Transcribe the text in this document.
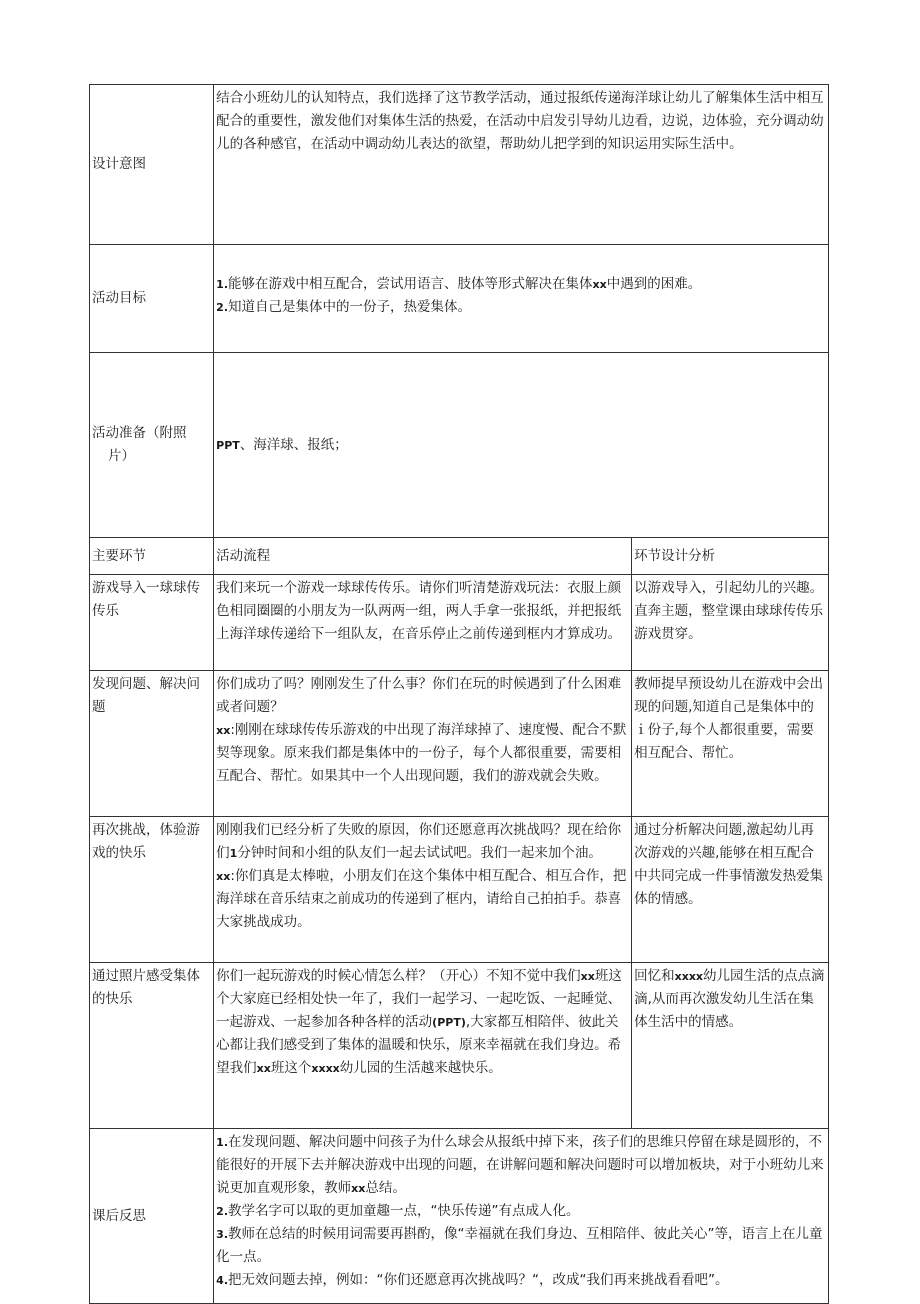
设计意图	结合小班幼儿的认知特点，我们选择了这节教学活动，通过报纸传递海洋球让幼儿了解集体生活中相互配合的重要性，激发他们对集体生活的热爱，在活动中启发引导幼儿边看，边说，边体验，充分调动幼儿的各种感官，在活动中调动幼儿表达的欲望，帮助幼儿把学到的知识运用实际生活中。	
活动目标	1.能够在游戏中相互配合，尝试用语言、肢体等形式解决在集体xx中遇到的困难。
2.知道自己是集体中的一份子，热爱集体。	

活动准备（附照
片）	PPT、海洋球、报纸；	
主要环节	活动流程	环节设计分析
游戏导入一球球传传乐	我们来玩一个游戏一球球传传乐。请你们听清楚游戏玩法：衣服上颜色相同圈圈的小朋友为一队两两一组，两人手拿一张报纸，并把报纸上海洋球传递给下一组队友，在音乐停止之前传递到框内才算成功。	以游戏导入，引起幼儿的兴趣。直奔主题，整堂课由球球传传乐游戏贯穿。
发现问题、解决问题	你们成功了吗？刚刚发生了什么事？你们在玩的时候遇到了什么困难或者问题？
xx:刚刚在球球传传乐游戏的中出现了海洋球掉了、速度慢、配合不默契等现象。原来我们都是集体中的一份子，每个人都很重要，需要相互配合、帮忙。如果其中一个人出现问题，我们的游戏就会失败。	教师提早预设幼儿在游戏中会出现的问题,知道自己是集体中的ｉ份子,每个人都很重要，需要相互配合、帮忙。
再次挑战，体验游戏的快乐	刚刚我们已经分析了失败的原因，你们还愿意再次挑战吗？现在给你们1分钟时间和小组的队友们一起去试试吧。我们一起来加个油。
xx:你们真是太棒啦，小朋友们在这个集体中相互配合、相互合作，把海洋球在音乐结束之前成功的传递到了框内，请给自己拍拍手。恭喜大家挑战成功。	通过分析解决问题,激起幼儿再次游戏的兴趣,能够在相互配合中共同完成一件事情激发热爱集体的情感。
通过照片感受集体的快乐	你们一起玩游戏的时候心情怎么样？（开心）不知不觉中我们xx班这个大家庭已经相处快一年了，我们一起学习、一起吃饭、一起睡觉、一起游戏、一起参加各种各样的活动(PPT),大家都互相陪伴、彼此关心都让我们感受到了集体的温暖和快乐，原来幸福就在我们身边。希望我们xx班这个xxxx幼儿园的生活越来越快乐。	回忆和xxxx幼儿园生活的点点滴滴,从而再次激发幼儿生活在集体生活中的情感。
课后反思	1.在发现问题、解决问题中问孩子为什么球会从报纸中掉下来，孩子们的思维只停留在球是圆形的，不能很好的开展下去并解决游戏中出现的问题，在讲解问题和解决问题时可以增加板块，对于小班幼儿来说更加直观形象，教师xx总结。
2.教学名字可以取的更加童趣一点，“快乐传递”有点成人化。
3.教师在总结的时候用词需要再斟酌，像“幸福就在我们身边、互相陪伴、彼此关心”等，语言上在儿童化一点。
4.把无效问题去掉，例如：“你们还愿意再次挑战吗？“，改成“我们再来挑战看看吧”。	
